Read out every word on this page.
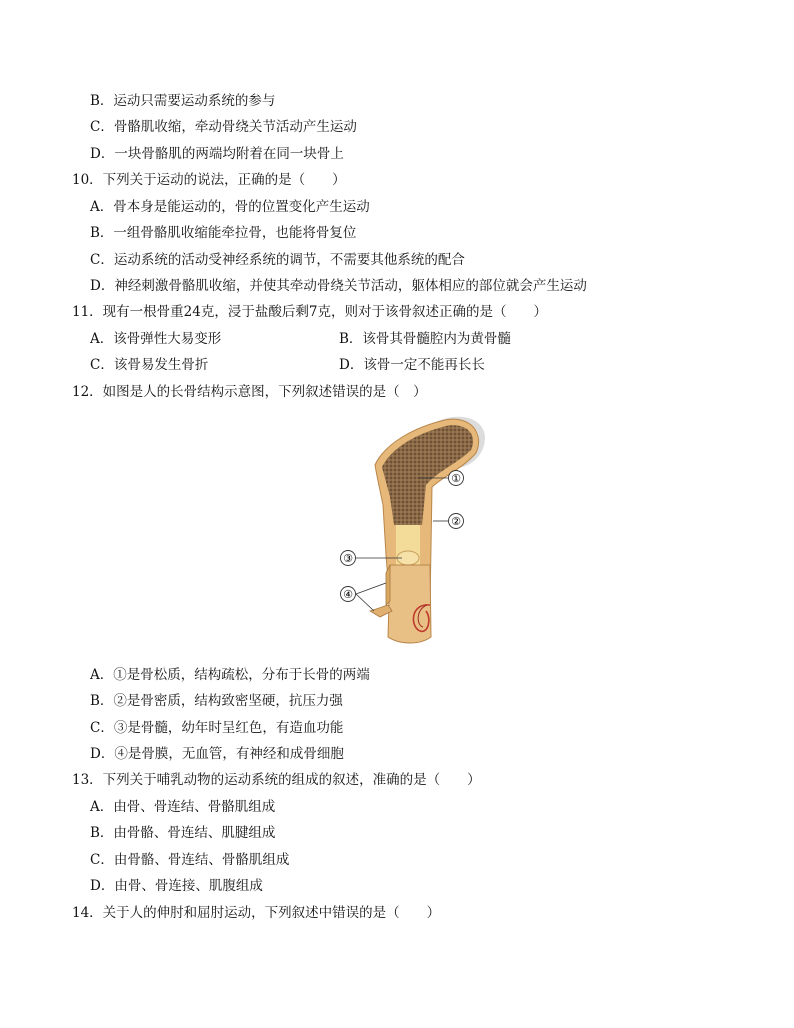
B．运动只需要运动系统的参与
C．骨骼肌收缩，牵动骨绕关节活动产生运动
D．一块骨骼肌的两端均附着在同一块骨上
10．下列关于运动的说法，正确的是（　　）
A．骨本身是能运动的，骨的位置变化产生运动
B．一组骨骼肌收缩能牵拉骨，也能将骨复位
C．运动系统的活动受神经系统的调节，不需要其他系统的配合
D．神经刺激骨骼肌收缩，并使其牵动骨绕关节活动，躯体相应的部位就会产生运动
11．现有一根骨重24克，浸于盐酸后剩7克，则对于该骨叙述正确的是（　　）
A．该骨弹性大易变形	B．该骨其骨髓腔内为黄骨髓
C．该骨易发生骨折	D．该骨一定不能再长长
12．如图是人的长骨结构示意图，下列叙述错误的是（　）
①
②
③
④
A．①是骨松质，结构疏松，分布于长骨的两端
B．②是骨密质，结构致密坚硬，抗压力强
C．③是骨髓，幼年时呈红色，有造血功能
D．④是骨膜，无血管，有神经和成骨细胞
13．下列关于哺乳动物的运动系统的组成的叙述，准确的是（　　）
A．由骨、骨连结、骨骼肌组成
B．由骨骼、骨连结、肌腱组成
C．由骨骼、骨连结、骨骼肌组成
D．由骨、骨连接、肌腹组成
14．关于人的伸肘和屈肘运动，下列叙述中错误的是（　　）
